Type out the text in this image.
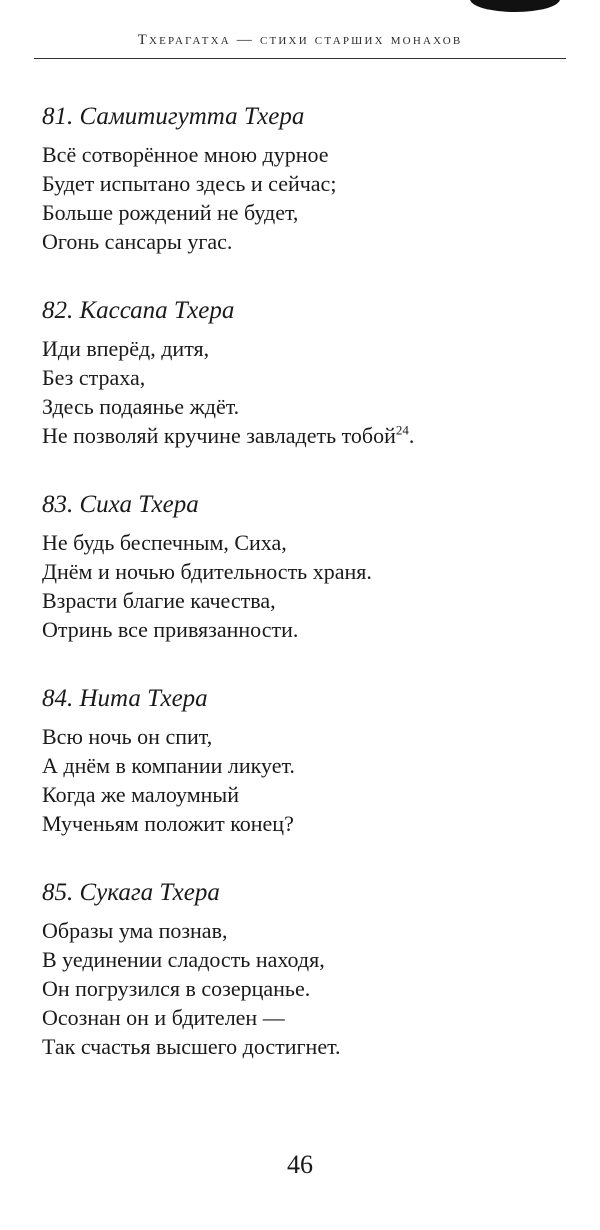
Тхерагатха — стихи старших монахов
81. Самитигутта Тхера
Всё сотворённое мною дурное
Будет испытано здесь и сейчас;
Больше рождений не будет,
Огонь сансары угас.
82. Кассапа Тхера
Иди вперёд, дитя,
Без страха,
Здесь подаянье ждёт.
Не позволяй кручине завладеть тобой$^{24}$.
83. Сиха Тхера
Не будь беспечным, Сиха,
Днём и ночью бдительность храня.
Взрасти благие качества,
Отринь все привязанности.
84. Нита Тхера
Всю ночь он спит,
А днём в компании ликует.
Когда же малоумный
Мученьям положит конец?
85. Сукага Тхера
Образы ума познав,
В уединении сладость находя,
Он погрузился в созерцанье.
Осознан он и бдителен —
Так счастья высшего достигнет.
46
